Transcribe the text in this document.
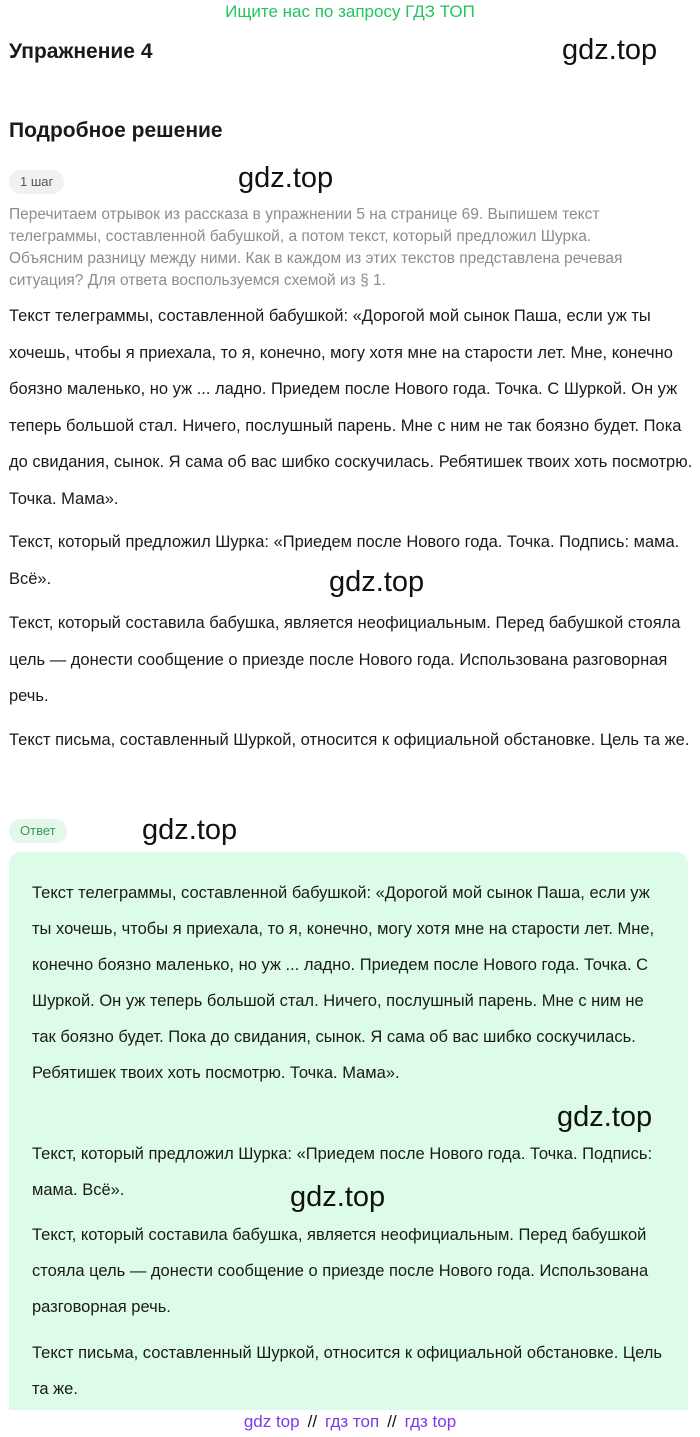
Ищите нас по запросу ГДЗ ТОП
Упражнение 4	gdz.top
Подробное решение
1 шаг	gdz.top

Перечитаем отрывок из рассказа в упражнении 5 на странице 69. Выпишем текст телеграммы, составленной бабушкой, а потом текст, который предложил Шурка. Объясним разницу между ними. Как в каждом из этих текстов представлена речевая ситуация? Для ответа воспользуемся схемой из § 1.

Текст телеграммы, составленной бабушкой: «Дорогой мой сынок Паша, если уж ты хочешь, чтобы я приехала, то я, конечно, могу хотя мне на старости лет. Мне, конечно боязно маленько, но уж ... ладно. Приедем после Нового года. Точка. С Шуркой. Он уж теперь большой стал. Ничего, послушный парень. Мне с ним не так боязно будет. Пока до свидания, сынок. Я сама об вас шибко соскучилась. Ребятишек твоих хоть посмотрю. Точка. Мама».

Текст, который предложил Шурка: «Приедем после Нового года. Точка. Подпись: мама. Всё».	gdz.top

Текст, который составила бабушка, является неофициальным. Перед бабушкой стояла цель — донести сообщение о приезде после Нового года. Использована разговорная речь.

Текст письма, составленный Шуркой, относится к официальной обстановке. Цель та же.

Ответ	gdz.top

Текст телеграммы, составленной бабушкой: «Дорогой мой сынок Паша, если уж ты хочешь, чтобы я приехала, то я, конечно, могу хотя мне на старости лет. Мне, конечно боязно маленько, но уж ... ладно. Приедем после Нового года. Точка. С Шуркой. Он уж теперь большой стал. Ничего, послушный парень. Мне с ним не так боязно будет. Пока до свидания, сынок. Я сама об вас шибко соскучилась. Ребятишек твоих хоть посмотрю. Точка. Мама».

gdz.top

Текст, который предложил Шурка: «Приедем после Нового года. Точка. Подпись: мама. Всё».	gdz.top

Текст, который составила бабушка, является неофициальным. Перед бабушкой стояла цель — донести сообщение о приезде после Нового года. Использована разговорная речь.

Текст письма, составленный Шуркой, относится к официальной обстановке. Цель та же.

gdz top // гдз топ // гдз top
